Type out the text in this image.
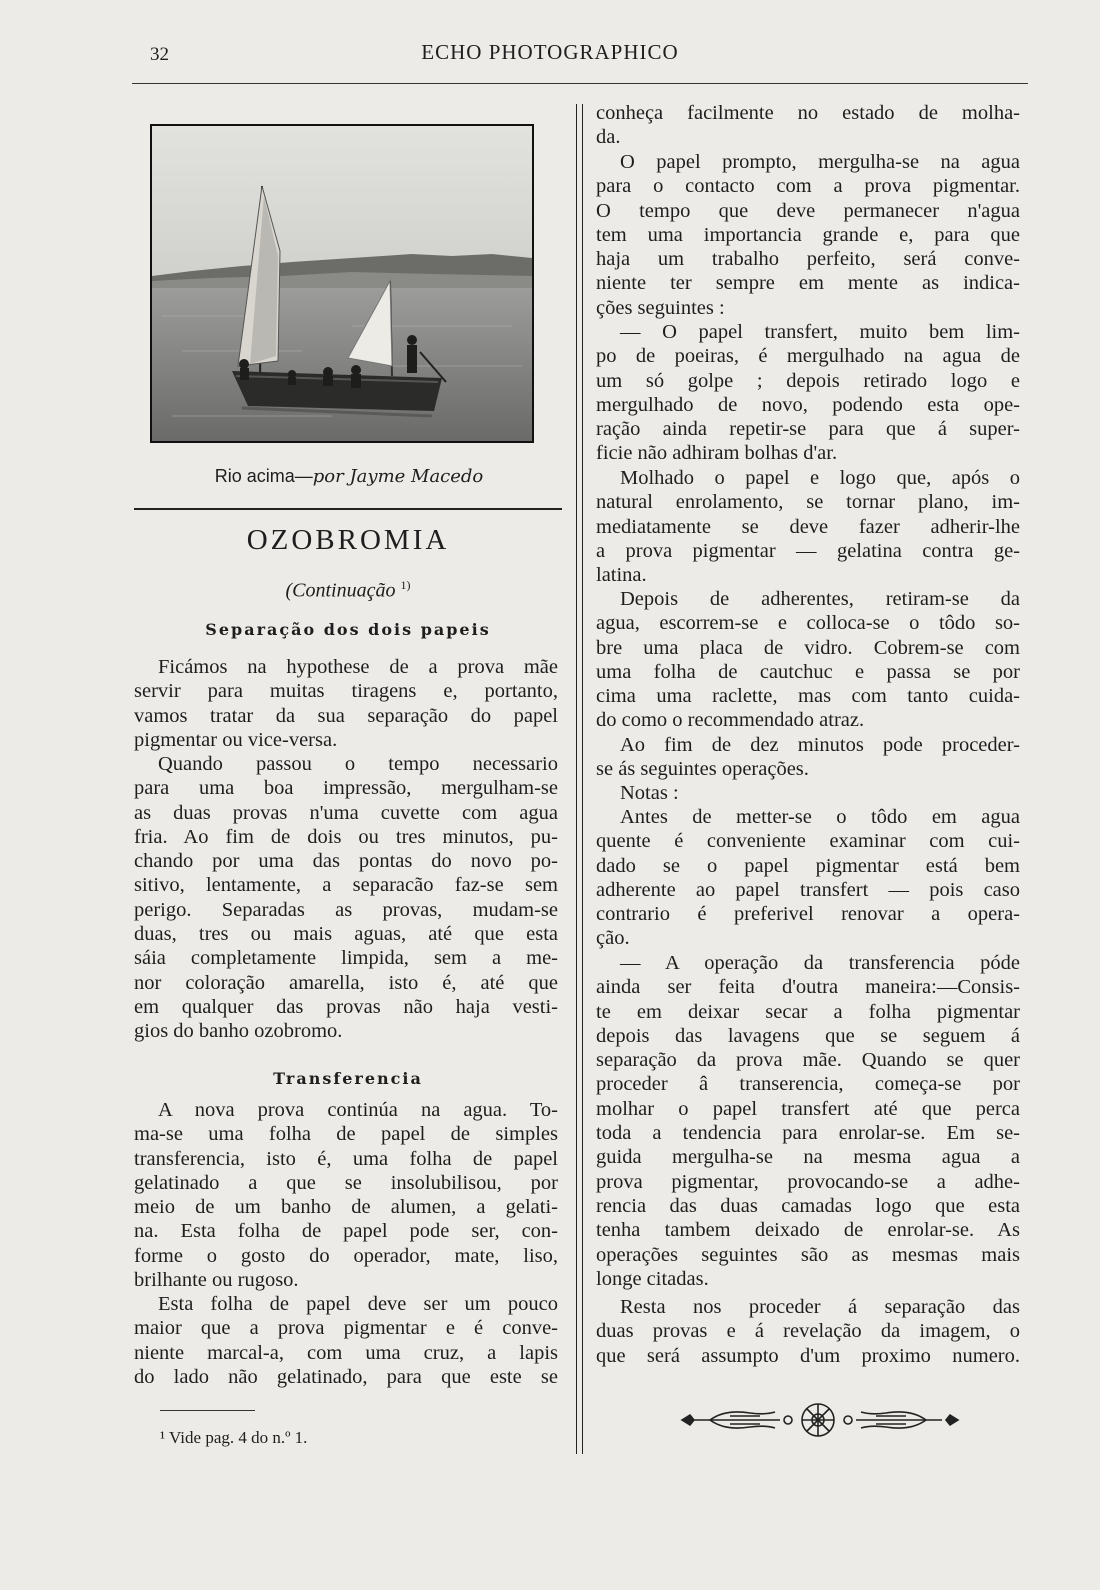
32	ECHO PHOTOGRAPHICO
Rio acima—por Jayme Macedo
OZOBROMIA
(Continuação $^{1)}$
Separação dos dois papeis
Ficámos na hypothese de a prova mãe
servir para muitas tiragens e, portanto,
vamos tratar da sua separação do papel
pigmentar ou vice-versa.
Quando passou o tempo necessario
para uma boa impressão, mergulham-se
as duas provas n'uma cuvette com agua
fria. Ao fim de dois ou tres minutos, pu-
chando por uma das pontas do novo po-
sitivo, lentamente, a separacão faz-se sem
perigo. Separadas as provas, mudam-se
duas, tres ou mais aguas, até que esta
sáia completamente limpida, sem a me-
nor coloração amarella, isto é, até que
em qualquer das provas não haja vesti-
gios do banho ozobromo.
Transferencia
A nova prova continúa na agua. To-
ma-se uma folha de papel de simples
transferencia, isto é, uma folha de papel
gelatinado a que se insolubilisou, por
meio de um banho de alumen, a gelati-
na. Esta folha de papel pode ser, con-
forme o gosto do operador, mate, liso,
brilhante ou rugoso.
Esta folha de papel deve ser um pouco
maior que a prova pigmentar e é conve-
niente marcal-a, com uma cruz, a lapis
do lado não gelatinado, para que este se
¹ Vide pag. 4 do n.º 1.
conheça facilmente no estado de molha-
da.
O papel prompto, mergulha-se na agua
para o contacto com a prova pigmentar.
O tempo que deve permanecer n'agua
tem uma importancia grande e, para que
haja um trabalho perfeito, será conve-
niente ter sempre em mente as indica-
ções seguintes :
— O papel transfert, muito bem lim-
po de poeiras, é mergulhado na agua de
um só golpe ; depois retirado logo e
mergulhado de novo, podendo esta ope-
ração ainda repetir-se para que á super-
ficie não adhiram bolhas d'ar.
Molhado o papel e logo que, após o
natural enrolamento, se tornar plano, im-
mediatamente se deve fazer adherir-lhe
a prova pigmentar — gelatina contra ge-
latina.
Depois de adherentes, retiram-se da
agua, escorrem-se e colloca-se o tôdo so-
bre uma placa de vidro. Cobrem-se com
uma folha de cautchuc e passa se por
cima uma raclette, mas com tanto cuida-
do como o recommendado atraz.
Ao fim de dez minutos pode proceder-
se ás seguintes operações.
Notas :
Antes de metter-se o tôdo em agua
quente é conveniente examinar com cui-
dado se o papel pigmentar está bem
adherente ao papel transfert — pois caso
contrario é preferivel renovar a opera-
ção.
— A operação da transferencia póde
ainda ser feita d'outra maneira:—Consis-
te em deixar secar a folha pigmentar
depois das lavagens que se seguem á
separação da prova mãe. Quando se quer
proceder â transerencia, começa-se por
molhar o papel transfert até que perca
toda a tendencia para enrolar-se. Em se-
guida mergulha-se na mesma agua a
prova pigmentar, provocando-se a adhe-
rencia das duas camadas logo que esta
tenha tambem deixado de enrolar-se. As
operações seguintes são as mesmas mais
longe citadas.
Resta nos proceder á separação das
duas provas e á revelação da imagem, o
que será assumpto d'um proximo numero.
